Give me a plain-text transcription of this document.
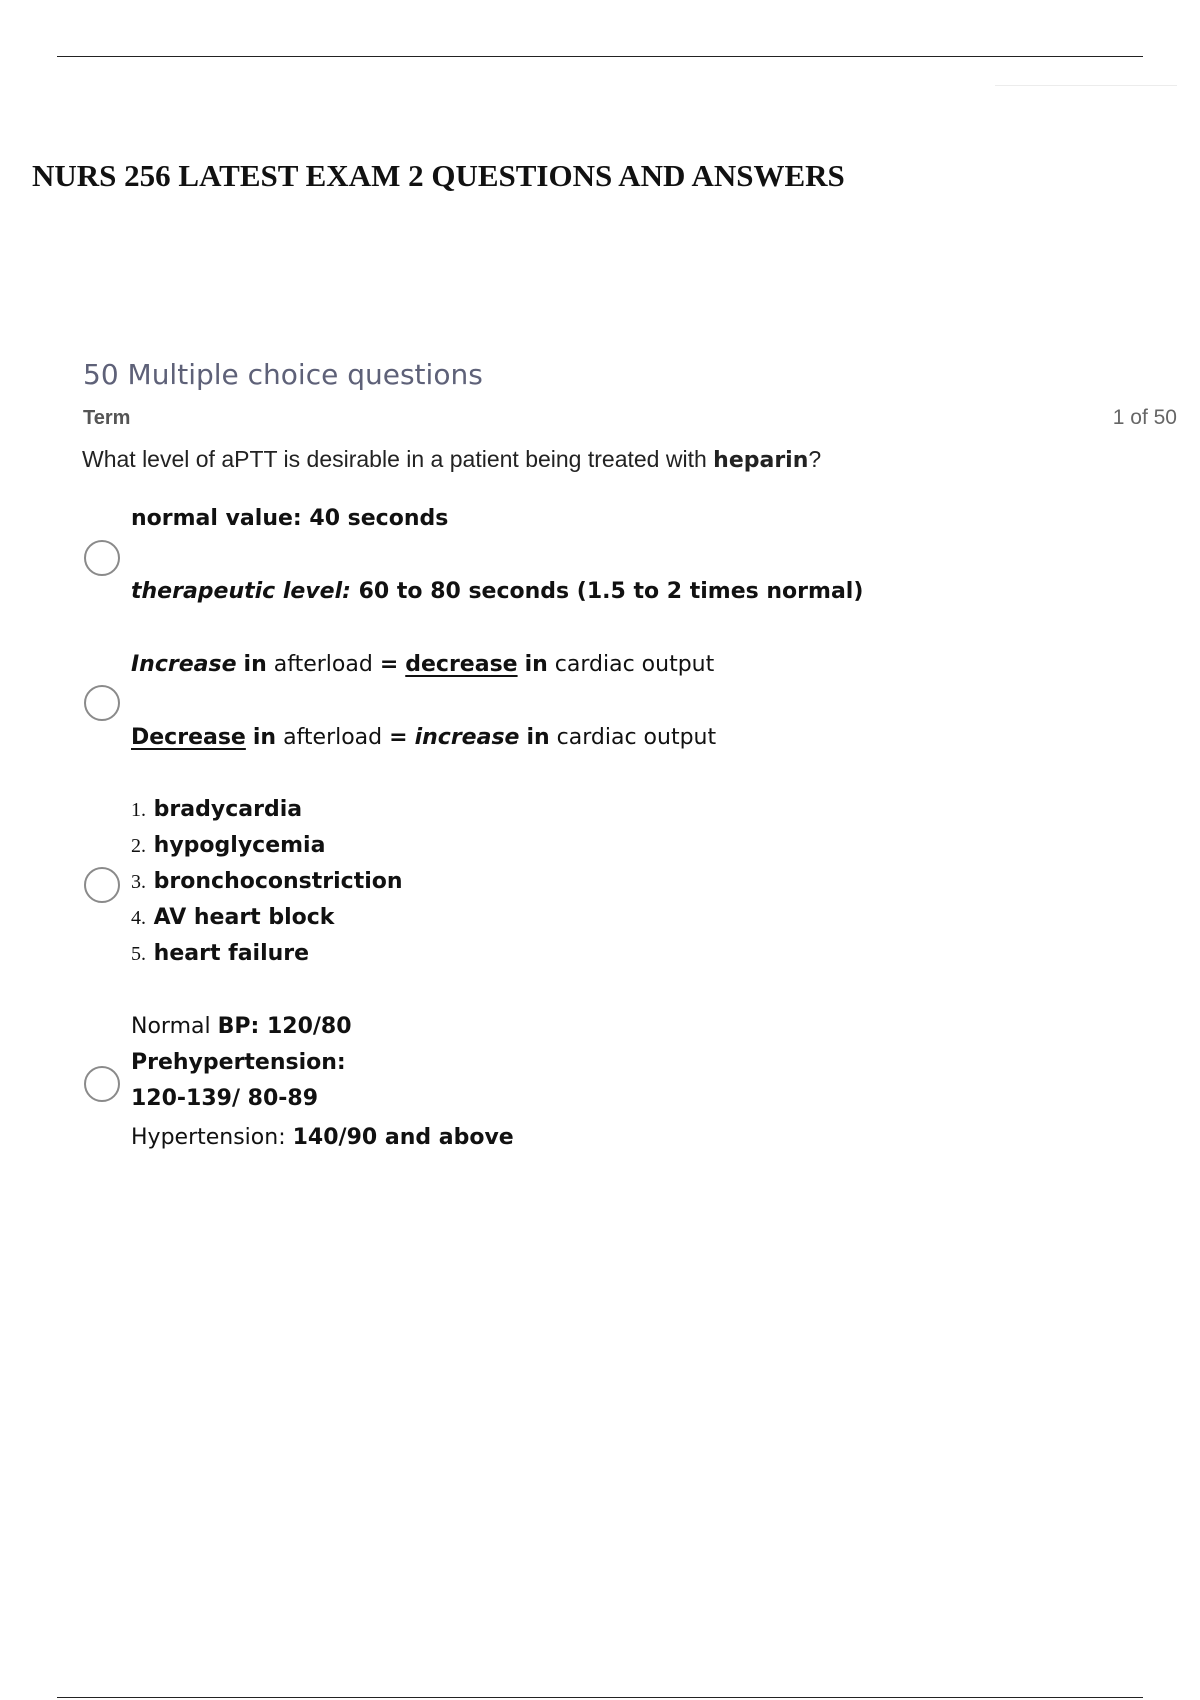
NURS 256 LATEST EXAM 2 QUESTIONS AND ANSWERS
50 Multiple choice questions
Term	1 of 50
What level of aPTT is desirable in a patient being treated with heparin?
normal value: 40 seconds
therapeutic level: 60 to 80 seconds (1.5 to 2 times normal)
Increase in afterload = decrease in cardiac output
Decrease in afterload = increase in cardiac output
1. bradycardia
2. hypoglycemia
3. bronchoconstriction
4. AV heart block
5. heart failure
Normal BP: 120/80
Prehypertension:
120-139/ 80-89
Hypertension: 140/90 and above
